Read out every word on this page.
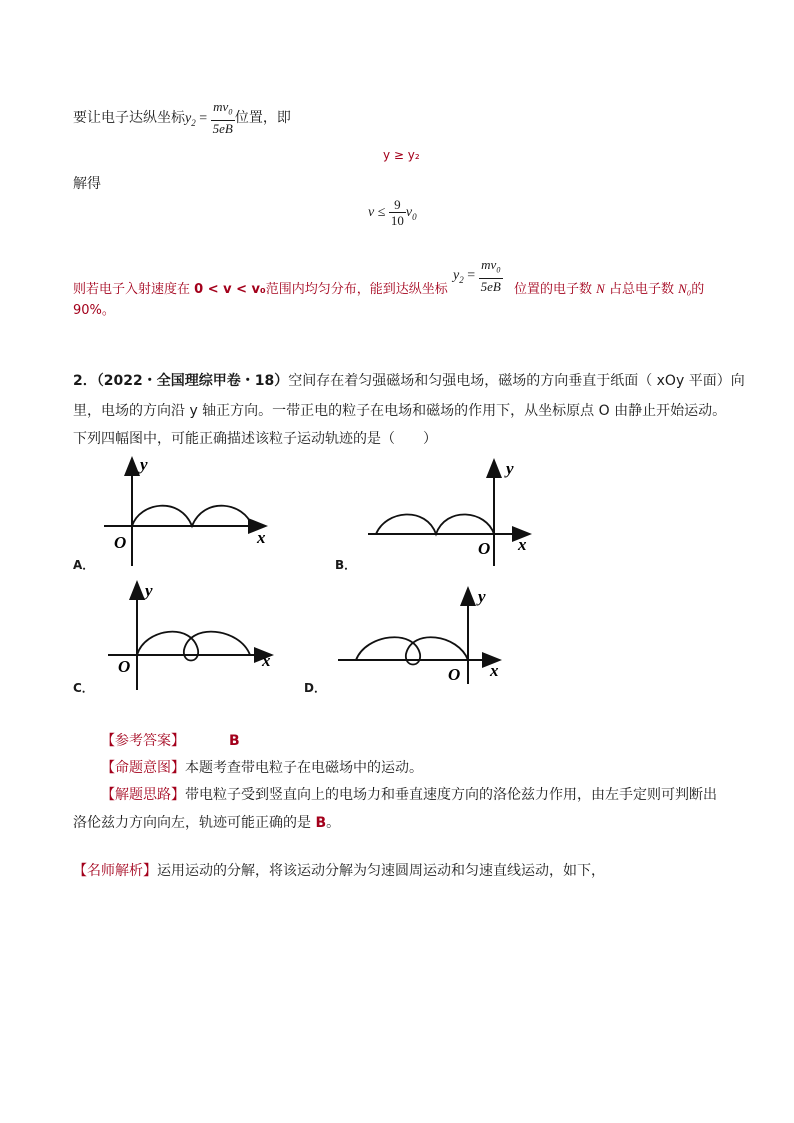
要让电子达纵坐标$y_2 = \frac{mv_0}{5eB}$ 位置，即
y ≥ y₂
解得
$v \le \frac{9}{10} v_0$
则若电子入射速度在 0 < v < v₀范围内均匀分布，能到达纵坐标
$y_2 = \frac{mv_0}{5eB}$ 位置的电子数 N 占总电子数 N₀的
90%。
2．（2022・全国理综甲卷・18）空间存在着匀强磁场和匀强电场，磁场的方向垂直于纸面（ xOy 平面）向
里，电场的方向沿 y 轴正方向。一带正电的粒子在电场和磁场的作用下，从坐标原点 O 由静止开始运动。
下列四幅图中，可能正确描述该粒子运动轨迹的是（　　）
y
x
O
y
x
O
y
x
O
y
x
O
A．	B．
C．	D．
【参考答案】	B
【命题意图】本题考查带电粒子在电磁场中的运动。
【解题思路】带电粒子受到竖直向上的电场力和垂直速度方向的洛伦兹力作用，由左手定则可判断出
洛伦兹力方向向左，轨迹可能正确的是 B。
【名师解析】运用运动的分解，将该运动分解为匀速圆周运动和匀速直线运动，如下，
